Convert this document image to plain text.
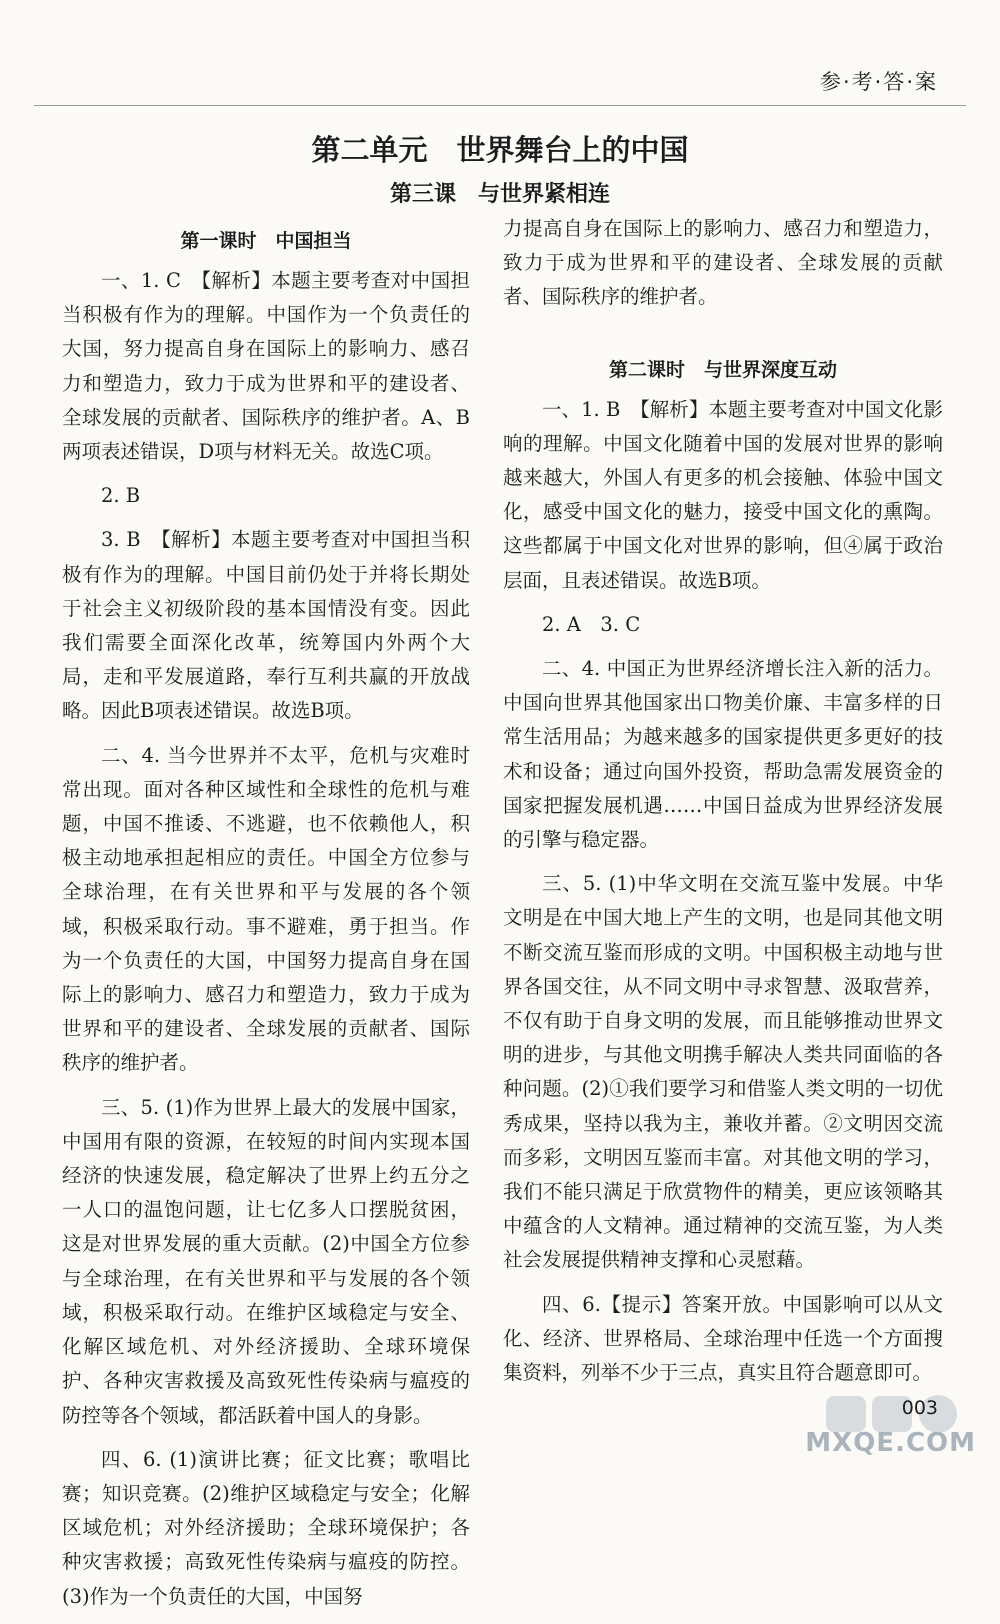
参·考·答·案
第二单元　世界舞台上的中国
第三课　与世界紧相连
第一课时　中国担当

一、1. C　【解析】本题主要考查对中国担当积极有作为的理解。中国作为一个负责任的大国，努力提高自身在国际上的影响力、感召力和塑造力，致力于成为世界和平的建设者、全球发展的贡献者、国际秩序的维护者。A、B两项表述错误，D项与材料无关。故选C项。

2. B

3. B　【解析】本题主要考查对中国担当积极有作为的理解。中国目前仍处于并将长期处于社会主义初级阶段的基本国情没有变。因此我们需要全面深化改革，统筹国内外两个大局，走和平发展道路，奉行互利共赢的开放战略。因此B项表述错误。故选B项。

二、4. 当今世界并不太平，危机与灾难时常出现。面对各种区域性和全球性的危机与难题，中国不推诿、不逃避，也不依赖他人，积极主动地承担起相应的责任。中国全方位参与全球治理，在有关世界和平与发展的各个领域，积极采取行动。事不避难，勇于担当。作为一个负责任的大国，中国努力提高自身在国际上的影响力、感召力和塑造力，致力于成为世界和平的建设者、全球发展的贡献者、国际秩序的维护者。

三、5. (1)作为世界上最大的发展中国家，中国用有限的资源，在较短的时间内实现本国经济的快速发展，稳定解决了世界上约五分之一人口的温饱问题，让七亿多人口摆脱贫困，这是对世界发展的重大贡献。(2)中国全方位参与全球治理，在有关世界和平与发展的各个领域，积极采取行动。在维护区域稳定与安全、化解区域危机、对外经济援助、全球环境保护、各种灾害救援及高致死性传染病与瘟疫的防控等各个领域，都活跃着中国人的身影。

四、6. (1)演讲比赛；征文比赛；歌唱比赛；知识竞赛。(2)维护区域稳定与安全；化解区域危机；对外经济援助；全球环境保护；各种灾害救援；高致死性传染病与瘟疫的防控。(3)作为一个负责任的大国，中国努

力提高自身在国际上的影响力、感召力和塑造力，致力于成为世界和平的建设者、全球发展的贡献者、国际秩序的维护者。

第二课时　与世界深度互动

一、1. B　【解析】本题主要考查对中国文化影响的理解。中国文化随着中国的发展对世界的影响越来越大，外国人有更多的机会接触、体验中国文化，感受中国文化的魅力，接受中国文化的熏陶。这些都属于中国文化对世界的影响，但④属于政治层面，且表述错误。故选B项。

2. A　3. C

二、4. 中国正为世界经济增长注入新的活力。中国向世界其他国家出口物美价廉、丰富多样的日常生活用品；为越来越多的国家提供更多更好的技术和设备；通过向国外投资，帮助急需发展资金的国家把握发展机遇……中国日益成为世界经济发展的引擎与稳定器。

三、5. (1)中华文明在交流互鉴中发展。中华文明是在中国大地上产生的文明，也是同其他文明不断交流互鉴而形成的文明。中国积极主动地与世界各国交往，从不同文明中寻求智慧、汲取营养，不仅有助于自身文明的发展，而且能够推动世界文明的进步，与其他文明携手解决人类共同面临的各种问题。(2)①我们要学习和借鉴人类文明的一切优秀成果，坚持以我为主，兼收并蓄。②文明因交流而多彩，文明因互鉴而丰富。对其他文明的学习，我们不能只满足于欣赏物件的精美，更应该领略其中蕴含的人文精神。通过精神的交流互鉴，为人类社会发展提供精神支撑和心灵慰藉。

四、6.【提示】答案开放。中国影响可以从文化、经济、世界格局、全球治理中任选一个方面搜集资料，列举不少于三点，真实且符合题意即可。

003
MXQE.COM
